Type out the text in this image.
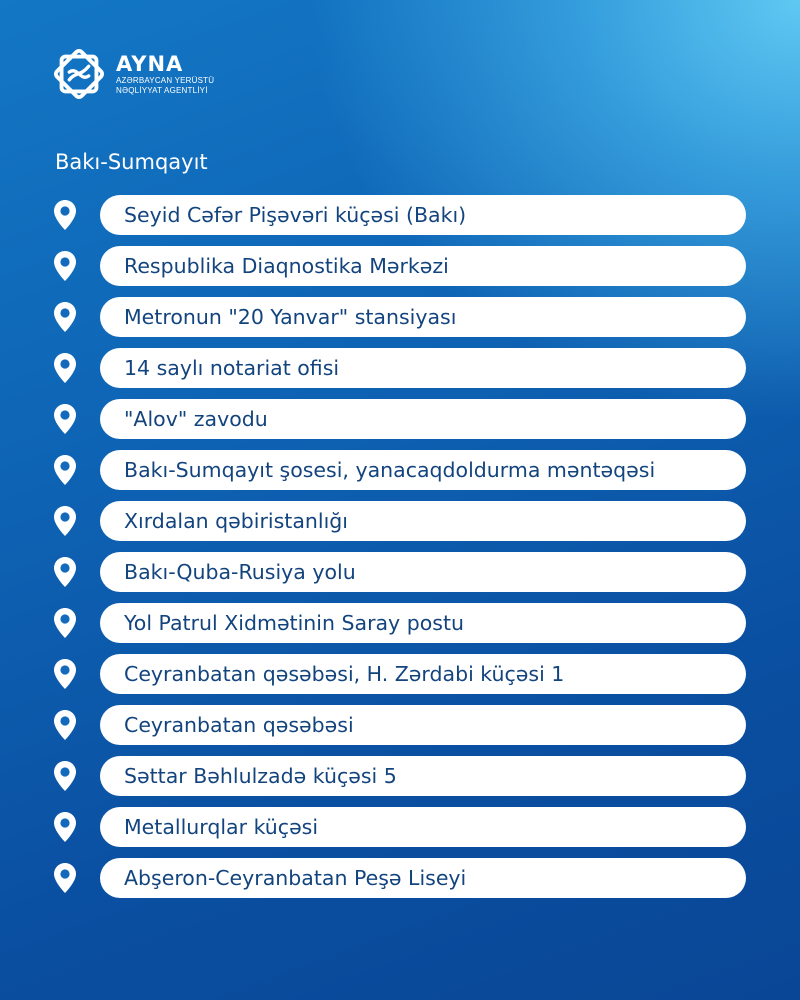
AYNA
AZƏRBAYCAN YERÜSTÜ
NƏQLİYYAT AGENTLİYİ
Bakı-Sumqayıt
Seyid Cəfər Pişəvəri küçəsi (Bakı)
Respublika Diaqnostika Mərkəzi
Metronun "20 Yanvar" stansiyası
14 saylı notariat ofisi
"Alov" zavodu
Bakı-Sumqayıt şosesi, yanacaqdoldurma məntəqəsi
Xırdalan qəbiristanlığı
Bakı-Quba-Rusiya yolu
Yol Patrul Xidmətinin Saray postu
Ceyranbatan qəsəbəsi, H. Zərdabi küçəsi 1
Ceyranbatan qəsəbəsi
Səttar Bəhlulzadə küçəsi 5
Metallurqlar küçəsi
Abşeron-Ceyranbatan Peşə Liseyi
